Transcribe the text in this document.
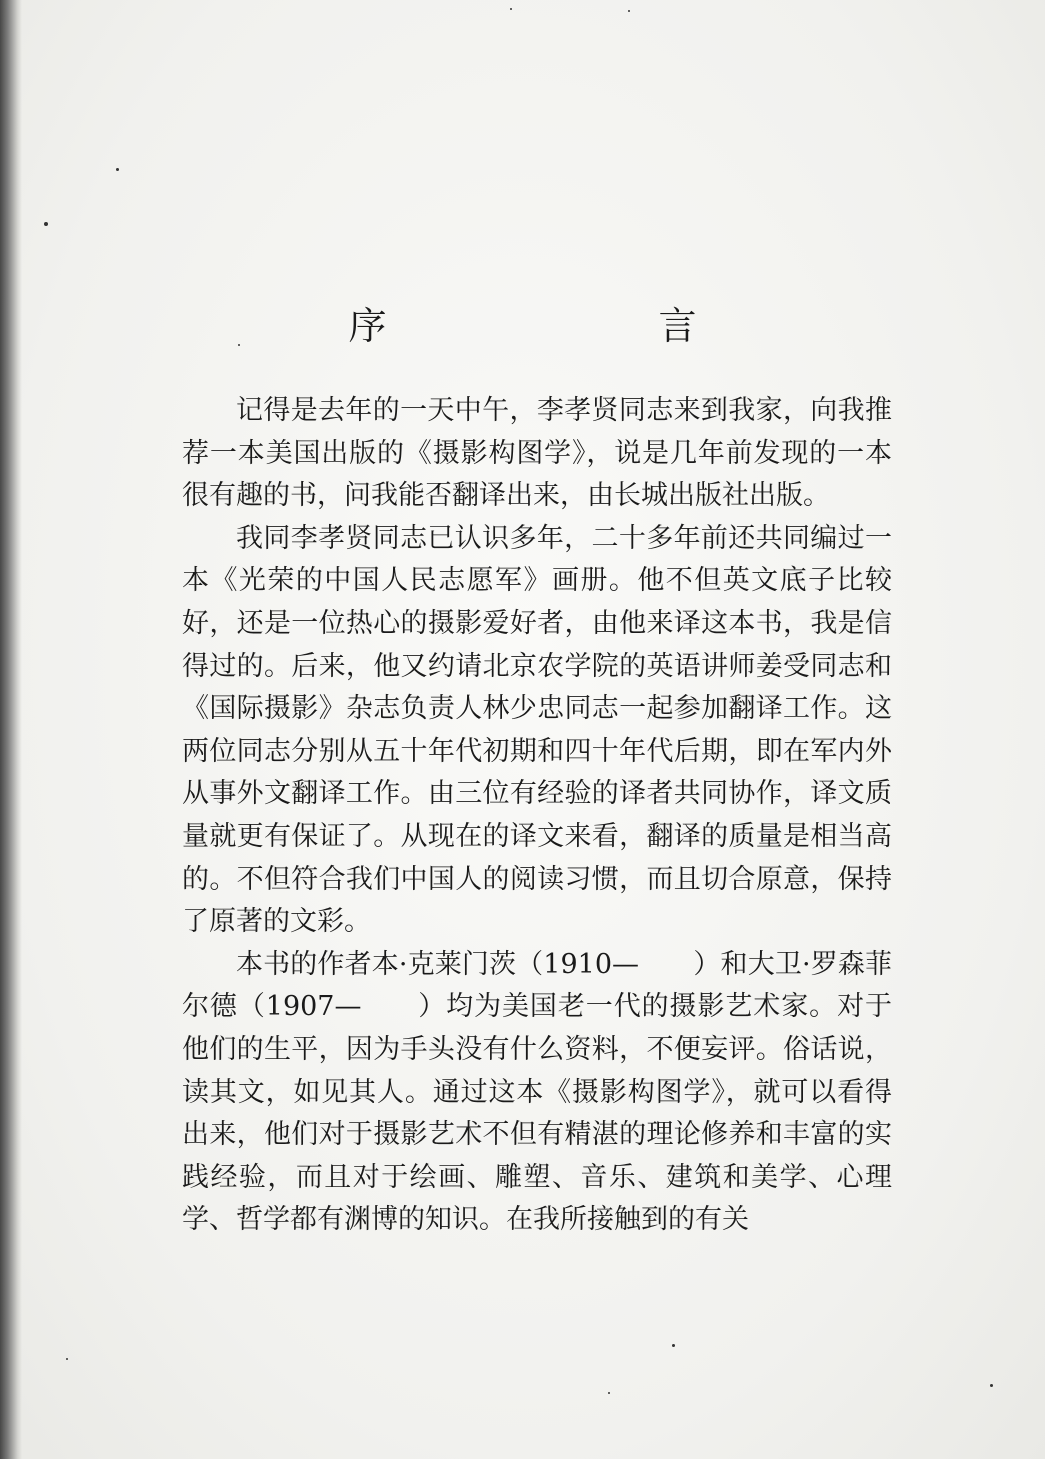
序 言

记得是去年的一天中午，李孝贤同志来到我家，向我推荐一本美国出版的《摄影构图学》，说是几年前发现的一本很有趣的书，问我能否翻译出来，由长城出版社出版。

我同李孝贤同志已认识多年，二十多年前还共同编过一本《光荣的中国人民志愿军》画册。他不但英文底子比较好，还是一位热心的摄影爱好者，由他来译这本书，我是信得过的。后来，他又约请北京农学院的英语讲师姜受同志和《国际摄影》杂志负责人林少忠同志一起参加翻译工作。这两位同志分别从五十年代初期和四十年代后期，即在军内外从事外文翻译工作。由三位有经验的译者共同协作，译文质量就更有保证了。从现在的译文来看，翻译的质量是相当高的。不但符合我们中国人的阅读习惯，而且切合原意，保持了原著的文彩。

本书的作者本·克莱门茨（1910—　　）和大卫·罗森菲尔德（1907—　　）均为美国老一代的摄影艺术家。对于他们的生平，因为手头没有什么资料，不便妄评。俗话说，读其文，如见其人。通过这本《摄影构图学》，就可以看得出来，他们对于摄影艺术不但有精湛的理论修养和丰富的实践经验，而且对于绘画、雕塑、音乐、建筑和美学、心理学、哲学都有渊博的知识。在我所接触到的有关
